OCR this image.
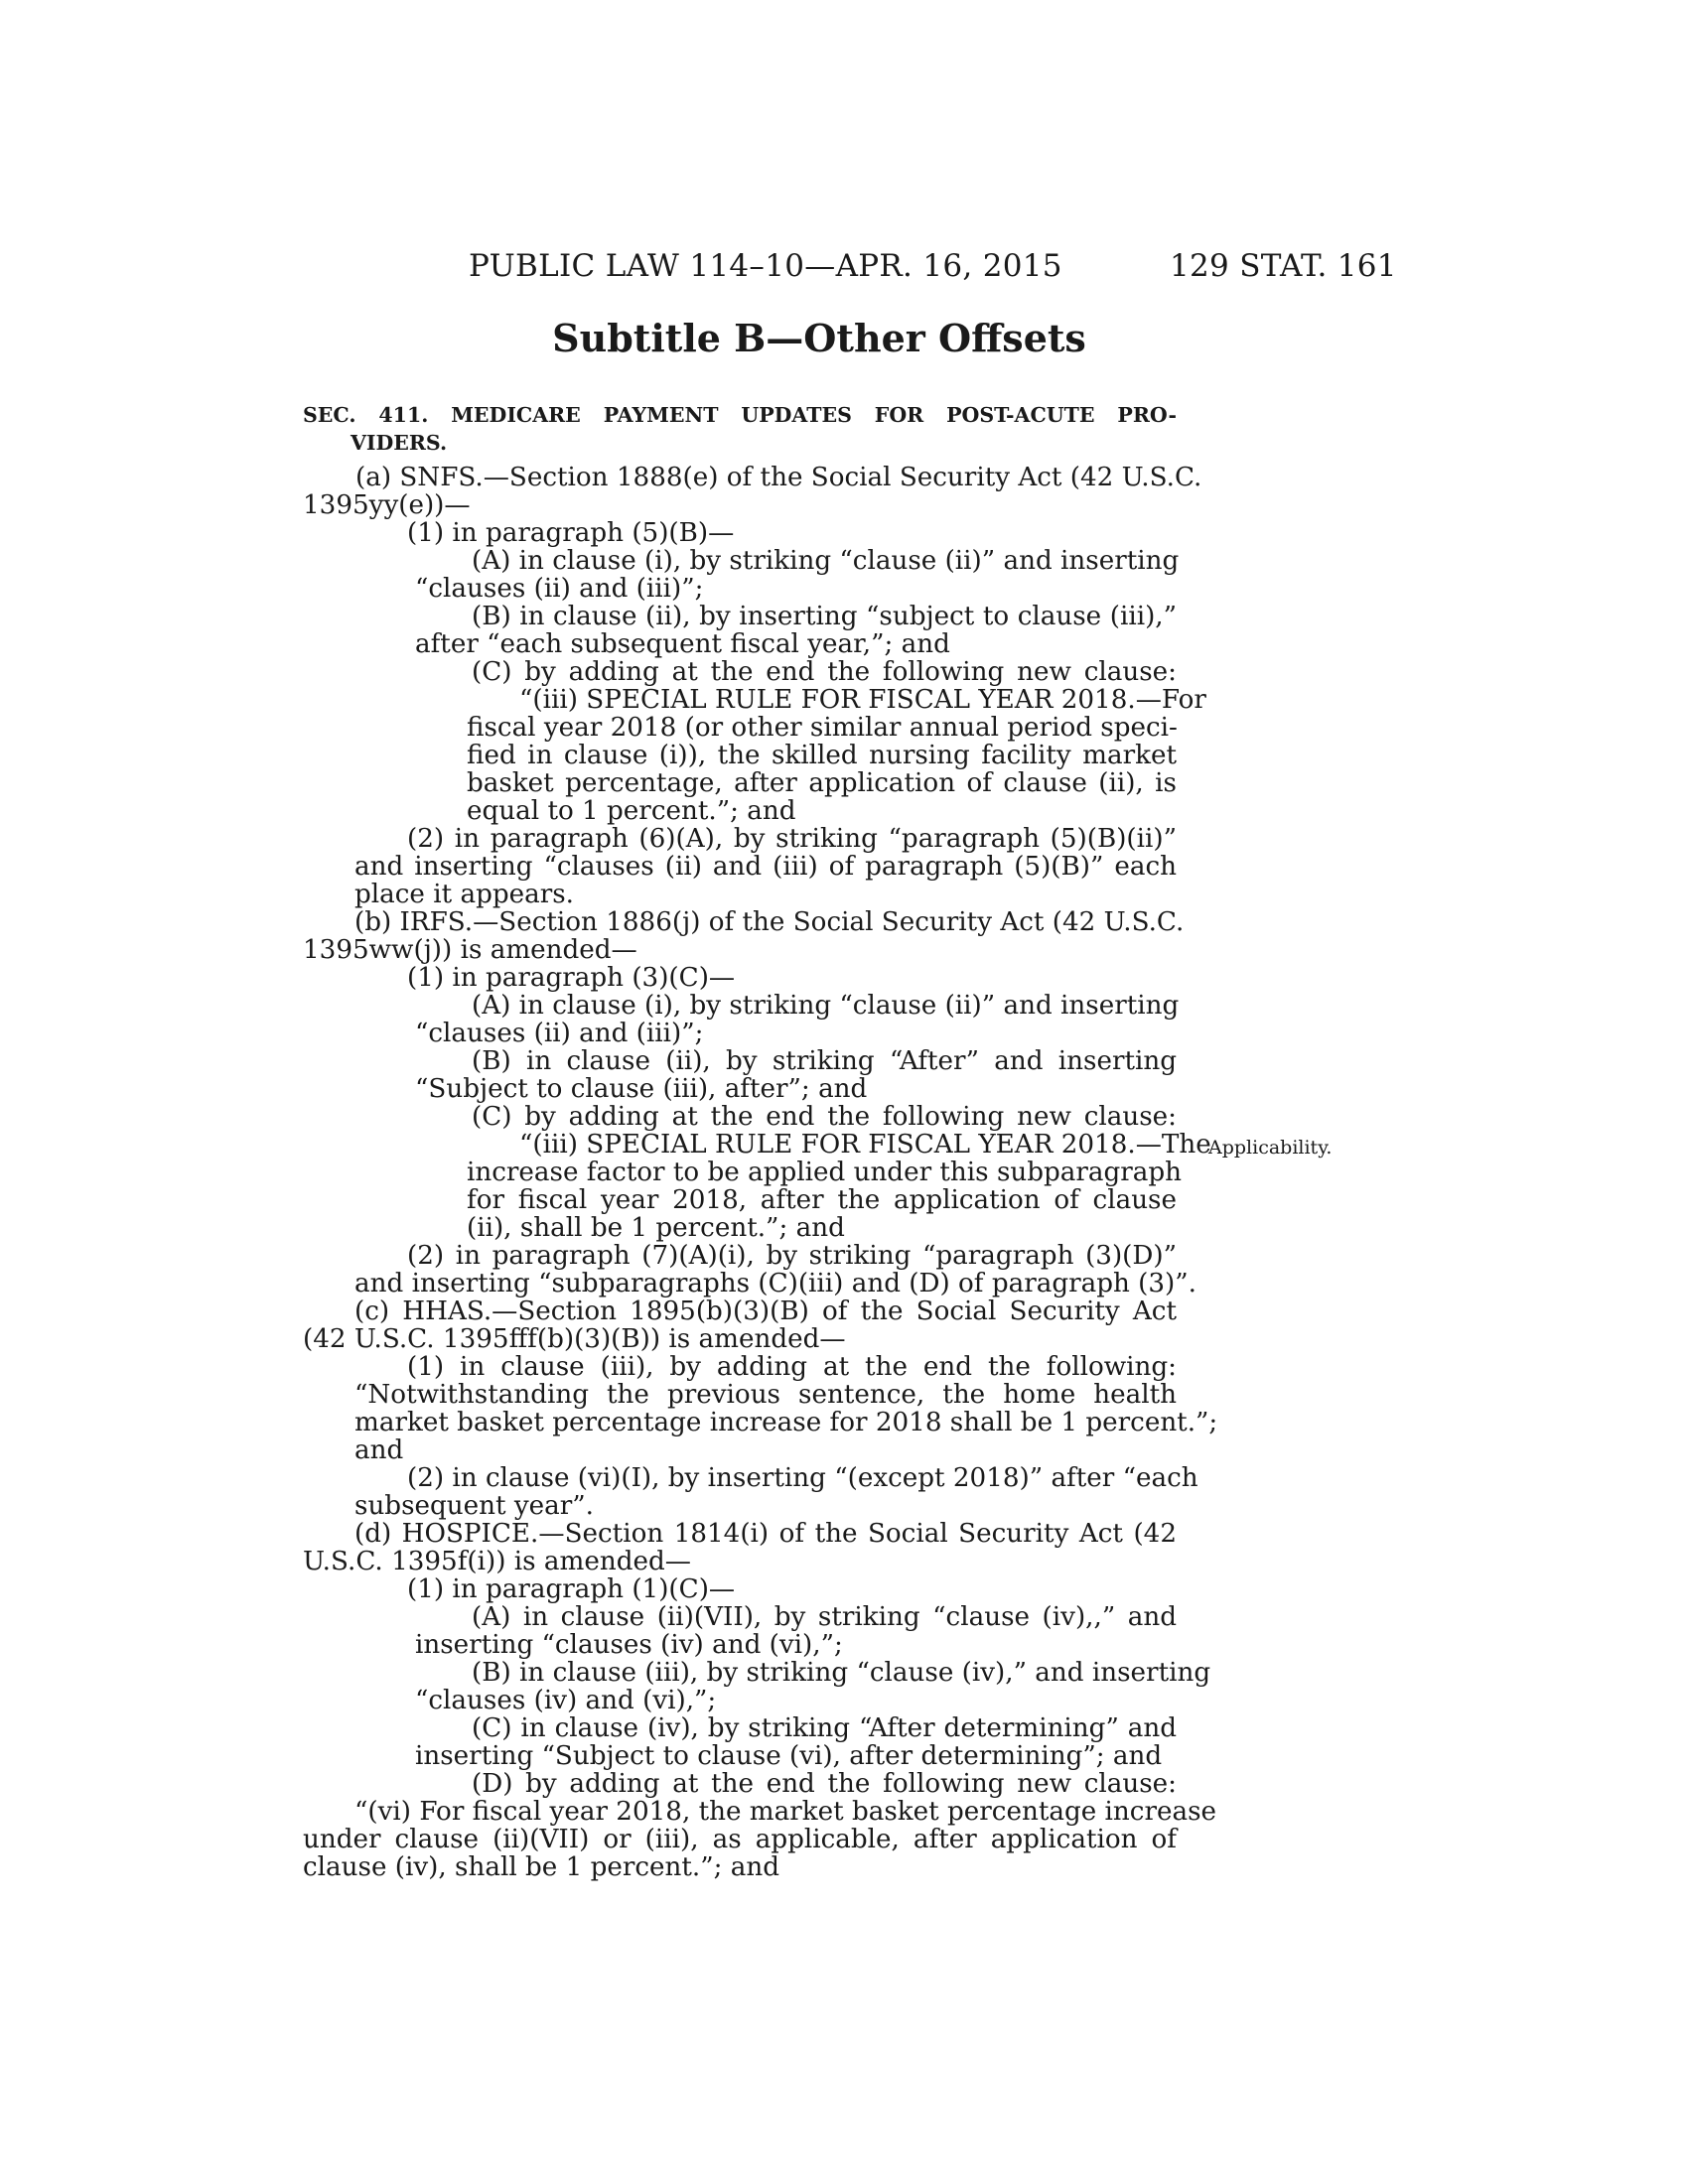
PUBLIC LAW 114–10—APR. 16, 2015	129 STAT. 161
Subtitle B—Other Offsets
SEC. 411. MEDICARE PAYMENT UPDATES FOR POST-ACUTE PRO-
VIDERS.
Applicability.
(a) SNFS.—Section 1888(e) of the Social Security Act (42 U.S.C.
1395yy(e))—
(1) in paragraph (5)(B)—
(A) in clause (i), by striking “clause (ii)” and inserting
“clauses (ii) and (iii)”;
(B) in clause (ii), by inserting “subject to clause (iii),”
after “each subsequent fiscal year,”; and
(C) by adding at the end the following new clause:
“(iii) SPECIAL RULE FOR FISCAL YEAR 2018.—For
fiscal year 2018 (or other similar annual period speci-
fied in clause (i)), the skilled nursing facility market
basket percentage, after application of clause (ii), is
equal to 1 percent.”; and
(2) in paragraph (6)(A), by striking “paragraph (5)(B)(ii)”
and inserting “clauses (ii) and (iii) of paragraph (5)(B)” each
place it appears.
(b) IRFS.—Section 1886(j) of the Social Security Act (42 U.S.C.
1395ww(j)) is amended—
(1) in paragraph (3)(C)—
(A) in clause (i), by striking “clause (ii)” and inserting
“clauses (ii) and (iii)”;
(B) in clause (ii), by striking “After” and inserting
“Subject to clause (iii), after”; and
(C) by adding at the end the following new clause:
“(iii) SPECIAL RULE FOR FISCAL YEAR 2018.—The
increase factor to be applied under this subparagraph
for fiscal year 2018, after the application of clause
(ii), shall be 1 percent.”; and
(2) in paragraph (7)(A)(i), by striking “paragraph (3)(D)”
and inserting “subparagraphs (C)(iii) and (D) of paragraph (3)”.
(c) HHAS.—Section 1895(b)(3)(B) of the Social Security Act
(42 U.S.C. 1395fff(b)(3)(B)) is amended—
(1) in clause (iii), by adding at the end the following:
“Notwithstanding the previous sentence, the home health
market basket percentage increase for 2018 shall be 1 percent.”;
and
(2) in clause (vi)(I), by inserting “(except 2018)” after “each
subsequent year”.
(d) HOSPICE.—Section 1814(i) of the Social Security Act (42
U.S.C. 1395f(i)) is amended—
(1) in paragraph (1)(C)—
(A) in clause (ii)(VII), by striking “clause (iv),,” and
inserting “clauses (iv) and (vi),”;
(B) in clause (iii), by striking “clause (iv),” and inserting
“clauses (iv) and (vi),”;
(C) in clause (iv), by striking “After determining” and
inserting “Subject to clause (vi), after determining”; and
(D) by adding at the end the following new clause:
“(vi) For fiscal year 2018, the market basket percentage increase
under clause (ii)(VII) or (iii), as applicable, after application of
clause (iv), shall be 1 percent.”; and
